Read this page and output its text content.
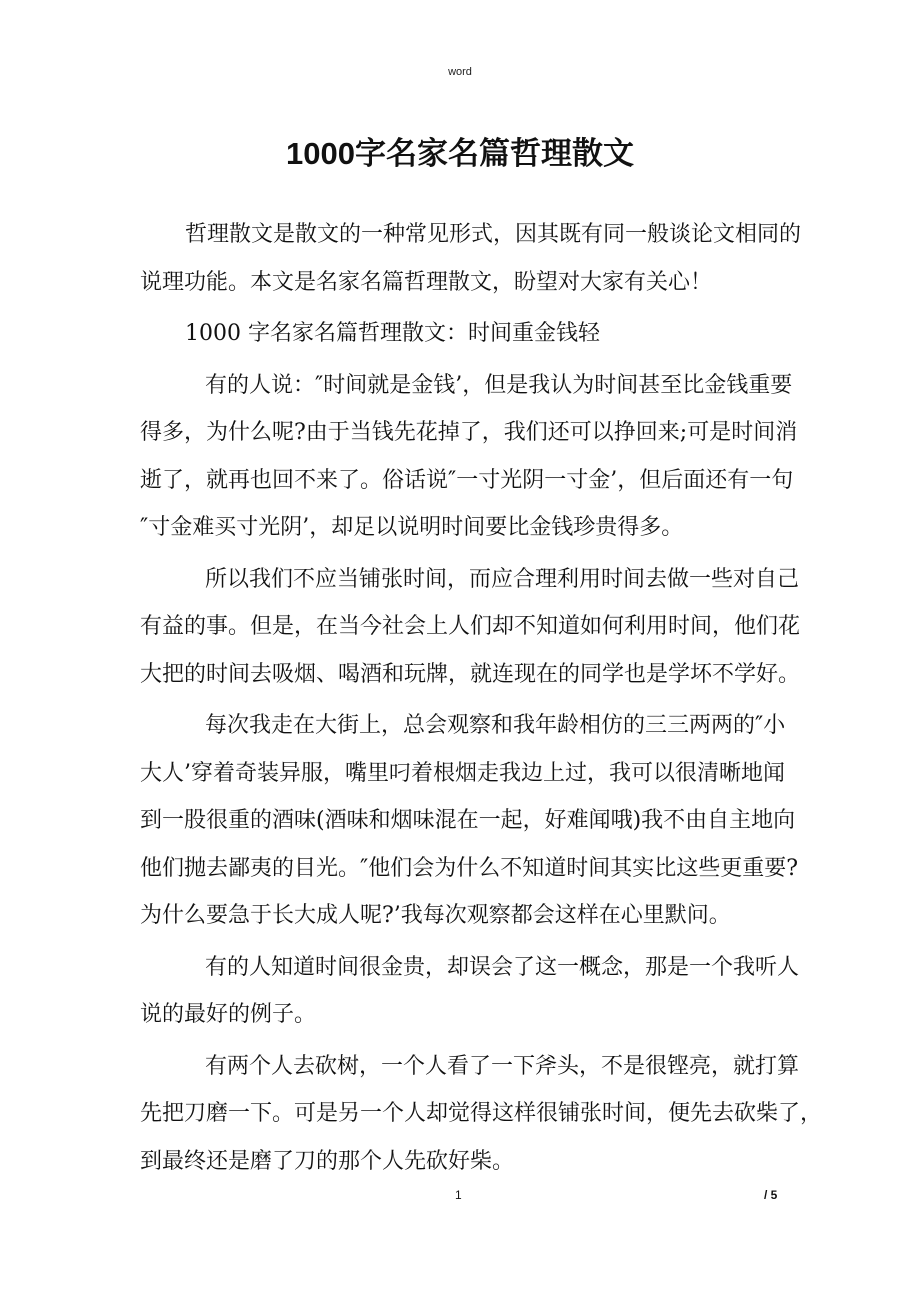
word
1000字名家名篇哲理散文
哲理散文是散文的一种常见形式，因其既有同一般谈论文相同的
说理功能。本文是名家名篇哲理散文，盼望对大家有关心！
1000 字名家名篇哲理散文：时间重金钱轻
有的人说：″时间就是金钱’，但是我认为时间甚至比金钱重要
得多，为什么呢?由于当钱先花掉了，我们还可以挣回来;可是时间消
逝了，就再也回不来了。俗话说″一寸光阴一寸金’，但后面还有一句
″寸金难买寸光阴’，却足以说明时间要比金钱珍贵得多。
所以我们不应当铺张时间，而应合理利用时间去做一些对自己
有益的事。但是，在当今社会上人们却不知道如何利用时间，他们花
大把的时间去吸烟、喝酒和玩牌，就连现在的同学也是学坏不学好。
每次我走在大街上，总会观察和我年龄相仿的三三两两的″小
大人’穿着奇装异服，嘴里叼着根烟走我边上过，我可以很清晰地闻
到一股很重的酒味(酒味和烟味混在一起，好难闻哦)我不由自主地向
他们抛去鄙夷的目光。″他们会为什么不知道时间其实比这些更重要?
为什么要急于长大成人呢?’我每次观察都会这样在心里默问。
有的人知道时间很金贵，却误会了这一概念，那是一个我听人
说的最好的例子。
有两个人去砍树，一个人看了一下斧头，不是很铿亮，就打算
先把刀磨一下。可是另一个人却觉得这样很铺张时间，便先去砍柴了，
到最终还是磨了刀的那个人先砍好柴。
1	/ 5
